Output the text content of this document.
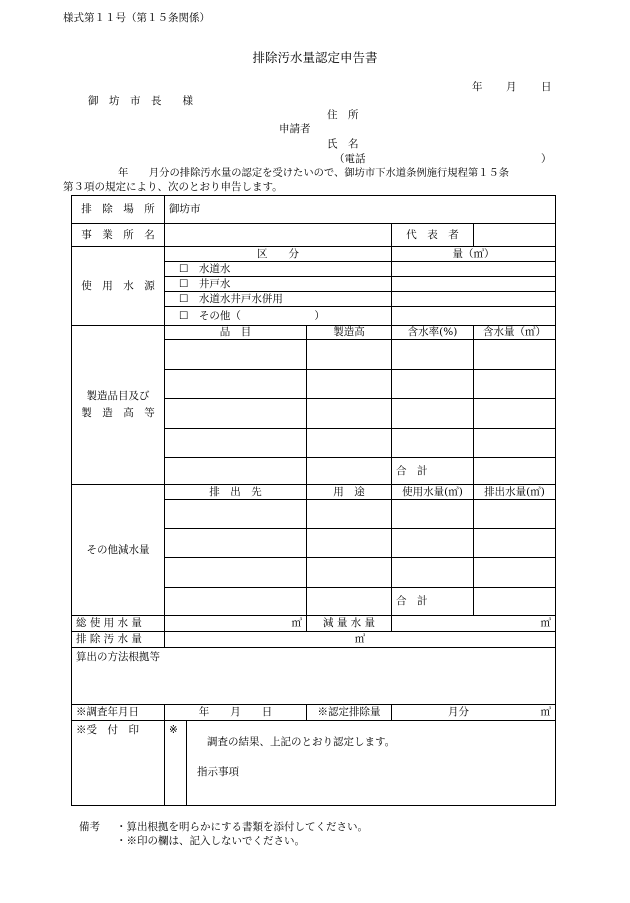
様式第１１号（第１５条関係）
排除汚水量認定申告書
年 月 日
御　坊　市　長　　様
住　所
申請者
氏　名
（電話	）
年　　月分の排除汚水量の認定を受けたいので、御坊市下水道条例施行規程第１５条
第３項の規定により、次のとおり申告します。
排　除　場　所	御坊市				
事　業　所　名				代　表　者	
使　用　水　源	区　　分			量（㎥）	
	☐　水道水				
	☐　井戸水				
	☐　水道水井戸水併用				
	☐　その他（　　　　　　　）				
製造品目及び
製　造　高　等	品　目		製造高	含水率(%)	含水量（㎥）

				合　計	
その他減水量	排　出　先		用　途	使用水量(㎥)	排出水量(㎥)

				合　計	
総 使 用 水 量	㎥		減 量 水 量	㎥	
排 除 汚 水 量	㎥				
算出の方法根拠等					
※調査年月日	年　　月　　日		※認定排除量	月分 ㎥	

※受　付　印	※	調査の結果、上記のとおり認定します。
指示事項			
備考 ・算出根拠を明らかにする書類を添付してください。
・※印の欄は、記入しないでください。
